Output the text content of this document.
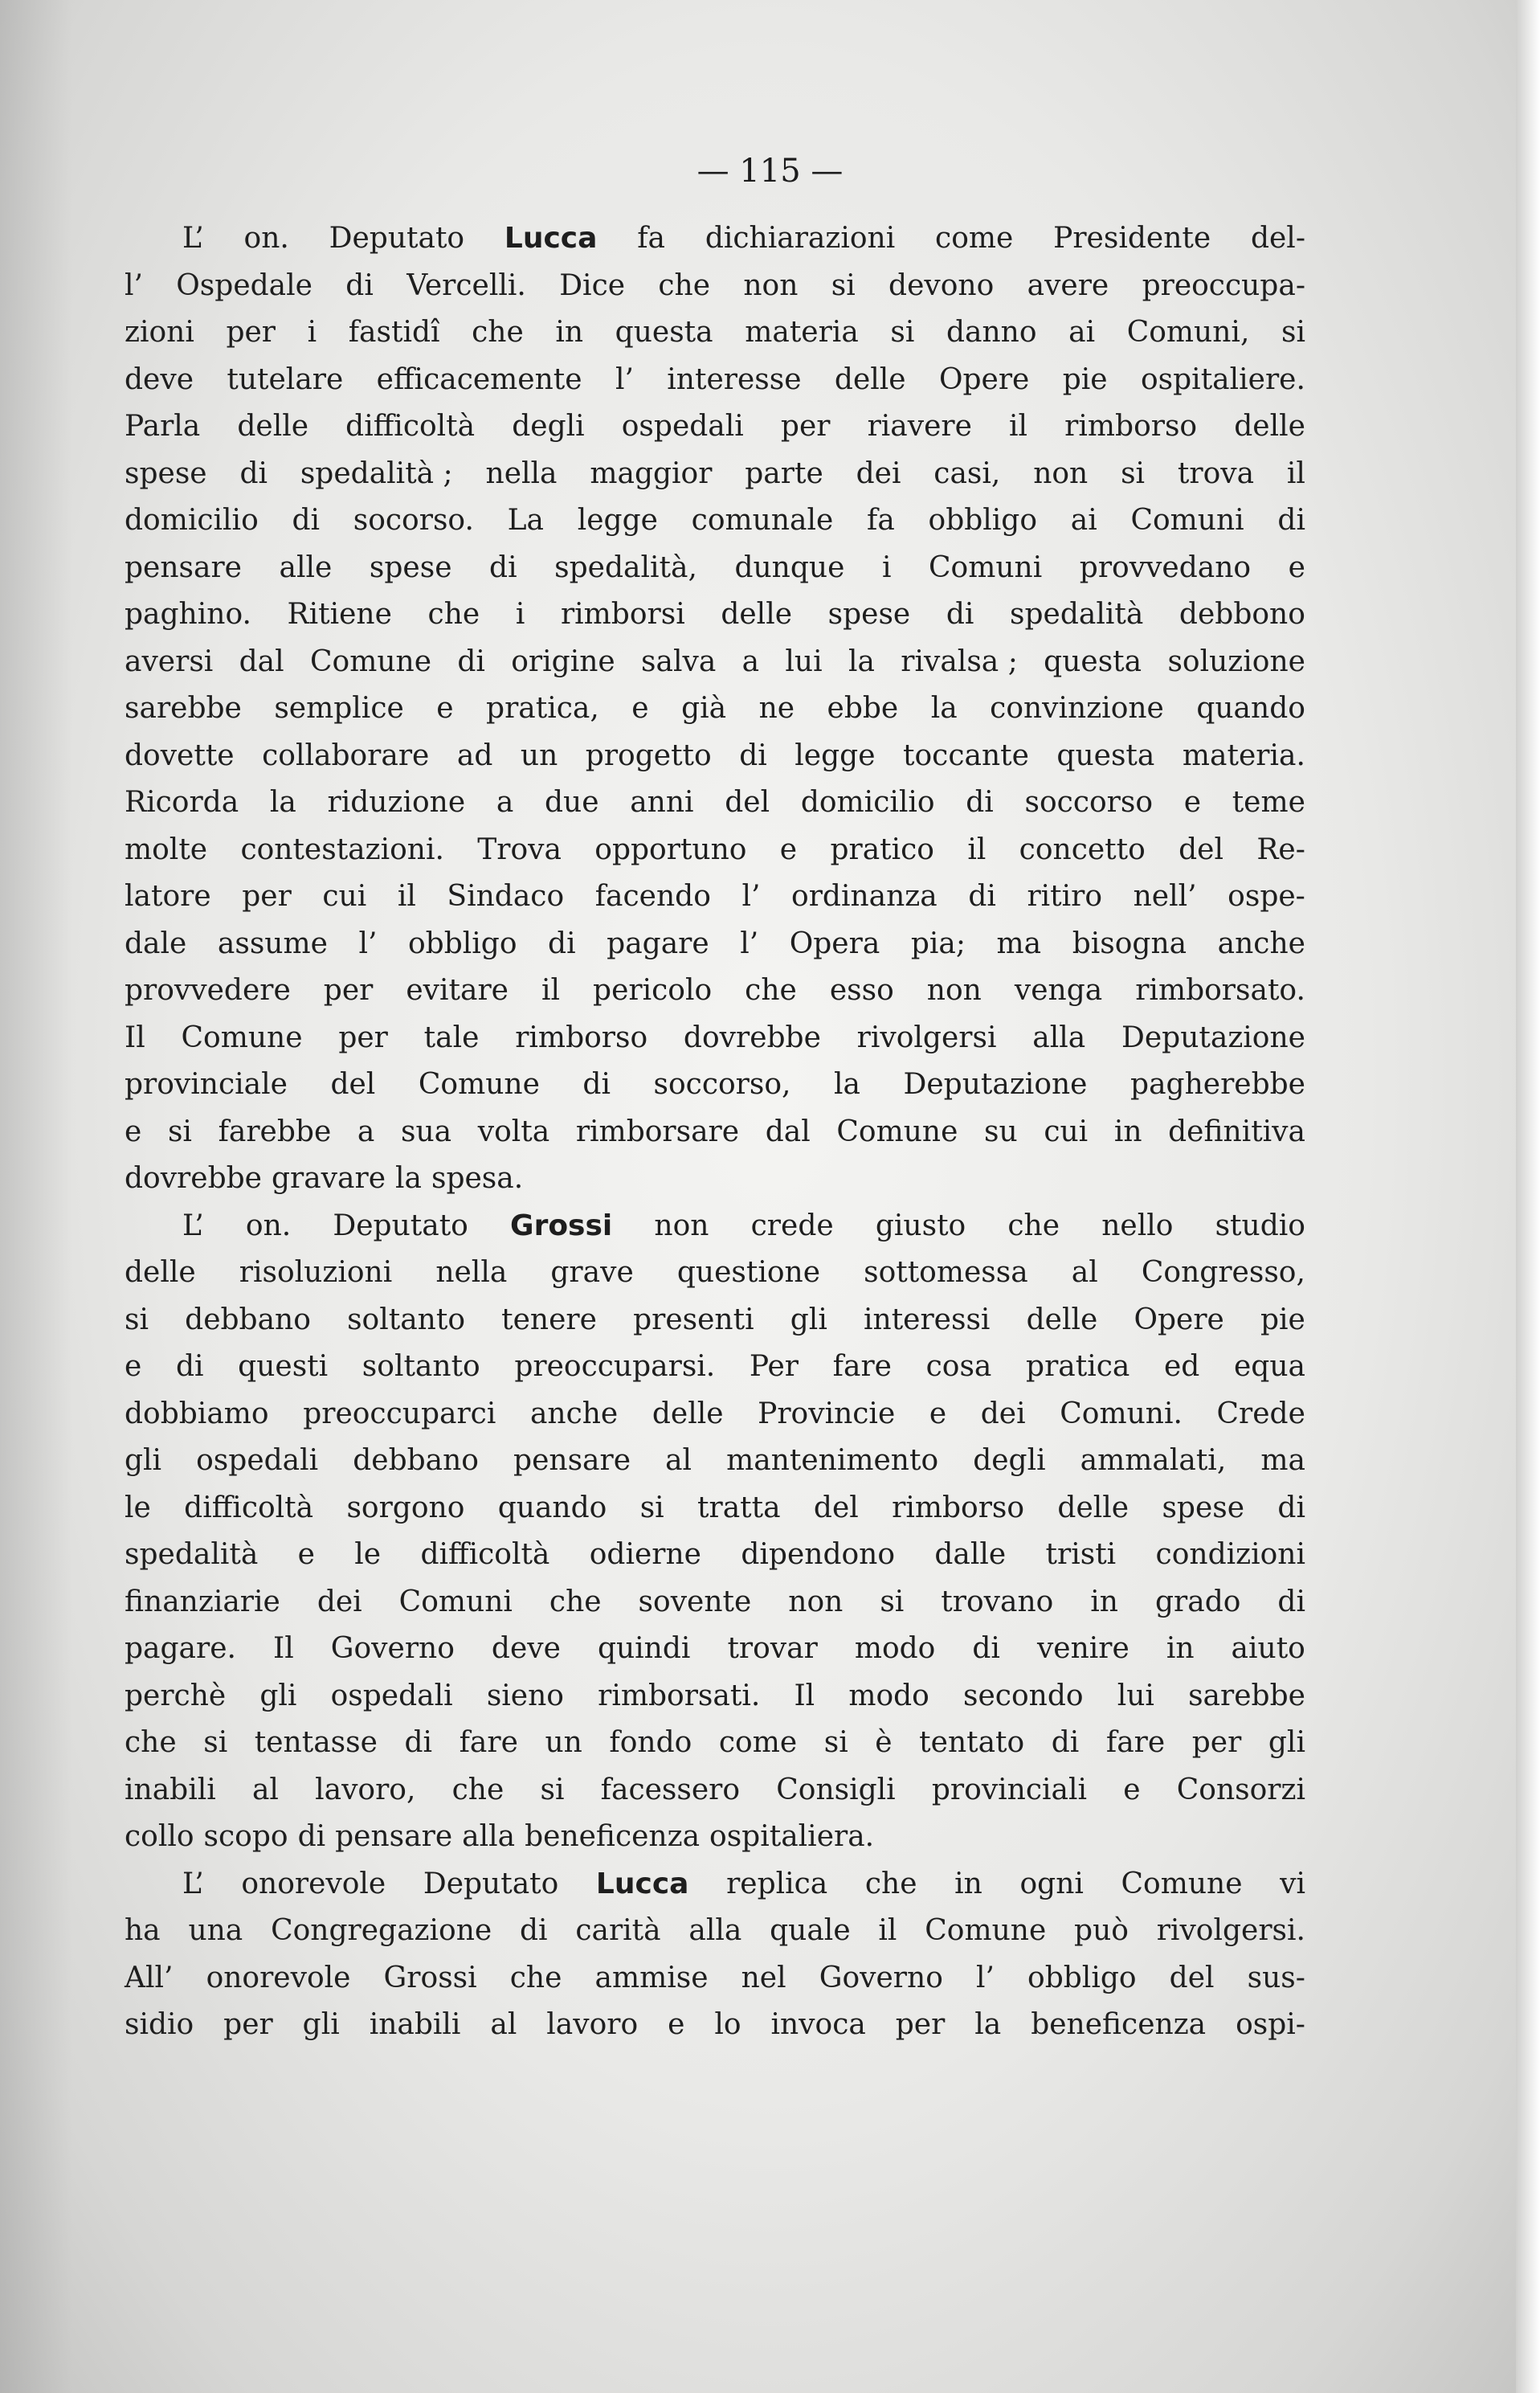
— 115 —
L’ on. Deputato Lucca fa dichiarazioni come Presidente del-
l’ Ospedale di Vercelli. Dice che non si devono avere preoccupa-
zioni per i fastidî che in questa materia si danno ai Comuni, si
deve tutelare efficacemente l’ interesse delle Opere pie ospitaliere.
Parla delle difficoltà degli ospedali per riavere il rimborso delle
spese di spedalità ; nella maggior parte dei casi, non si trova il
domicilio di socorso. La legge comunale fa obbligo ai Comuni di
pensare alle spese di spedalità, dunque i Comuni provvedano e
paghino. Ritiene che i rimborsi delle spese di spedalità debbono
aversi dal Comune di origine salva a lui la rivalsa ; questa soluzione
sarebbe semplice e pratica, e già ne ebbe la convinzione quando
dovette collaborare ad un progetto di legge toccante questa materia.
Ricorda la riduzione a due anni del domicilio di soccorso e teme
molte contestazioni. Trova opportuno e pratico il concetto del Re-
latore per cui il Sindaco facendo l’ ordinanza di ritiro nell’ ospe-
dale assume l’ obbligo di pagare l’ Opera pia; ma bisogna anche
provvedere per evitare il pericolo che esso non venga rimborsato.
Il Comune per tale rimborso dovrebbe rivolgersi alla Deputazione
provinciale del Comune di soccorso, la Deputazione pagherebbe
e si farebbe a sua volta rimborsare dal Comune su cui in definitiva
dovrebbe gravare la spesa.
L’ on. Deputato Grossi non crede giusto che nello studio
delle risoluzioni nella grave questione sottomessa al Congresso,
si debbano soltanto tenere presenti gli interessi delle Opere pie
e di questi soltanto preoccuparsi. Per fare cosa pratica ed equa
dobbiamo preoccuparci anche delle Provincie e dei Comuni. Crede
gli ospedali debbano pensare al mantenimento degli ammalati, ma
le difficoltà sorgono quando si tratta del rimborso delle spese di
spedalità e le difficoltà odierne dipendono dalle tristi condizioni
finanziarie dei Comuni che sovente non si trovano in grado di
pagare. Il Governo deve quindi trovar modo di venire in aiuto
perchè gli ospedali sieno rimborsati. Il modo secondo lui sarebbe
che si tentasse di fare un fondo come si è tentato di fare per gli
inabili al lavoro, che si facessero Consigli provinciali e Consorzi
collo scopo di pensare alla beneficenza ospitaliera.
L’ onorevole Deputato Lucca replica che in ogni Comune vi
ha una Congregazione di carità alla quale il Comune può rivolgersi.
All’ onorevole Grossi che ammise nel Governo l’ obbligo del sus-
sidio per gli inabili al lavoro e lo invoca per la beneficenza ospi-
